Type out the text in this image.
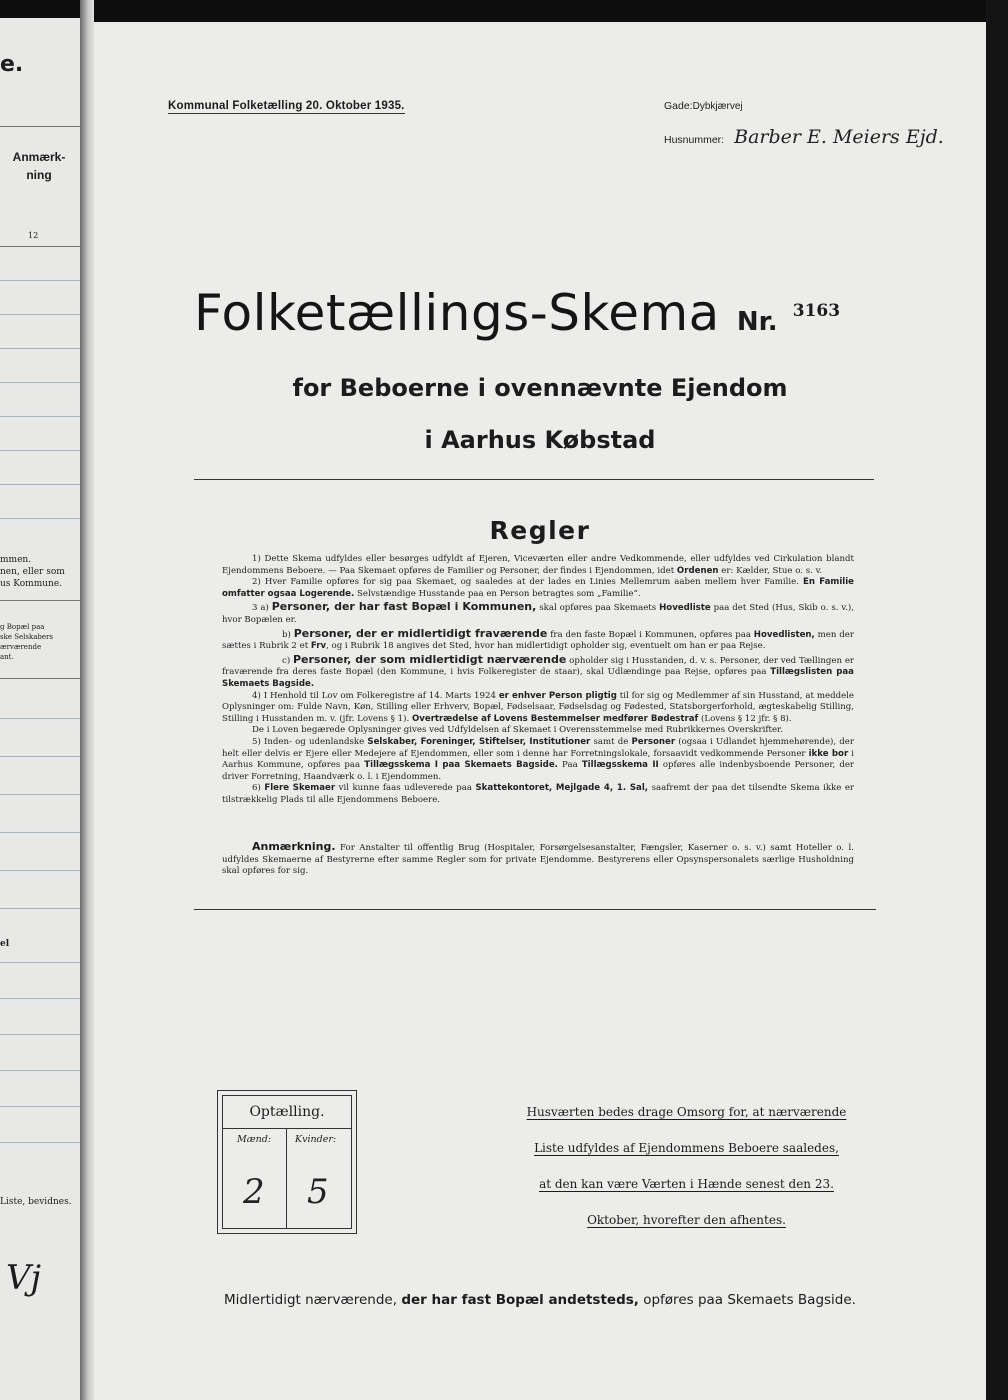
e.
Anmærk-
ning
12
mmen.
nen, eller som
us Kommune.
g Bopæl paa
ske Selskabers
ærværende
ant.
el
Liste, bevidnes.
Vj
Kommunal Folketælling 20. Oktober 1935.	Gade: Dybkjærvej
Husnummer: Barber E. Meiers Ejd.
Folketællings-Skema Nr. 3163
for Beboerne i ovennævnte Ejendom
i Aarhus Købstad
Regler

1) Dette Skema udfyldes eller besørges udfyldt af Ejeren, Viceværten eller andre Vedkommende, eller udfyldes ved Cirkulation blandt Ejendommens Beboere. — Paa Skemaet opføres de Familier og Personer, der findes i Ejendommen, idet Ordenen er: Kælder, Stue o. s. v.

2) Hver Familie opføres for sig paa Skemaet, og saaledes at der lades en Linies Mellemrum aaben mellem hver Familie. En Familie omfatter ogsaa Logerende. Selvstændige Husstande paa en Person betragtes som „Familie“.

3 a) Personer, der har fast Bopæl i Kommunen, skal opføres paa Skemaets Hovedliste paa det Sted (Hus, Skib o. s. v.), hvor Bopælen er.

b) Personer, der er midlertidigt fraværende fra den faste Bopæl i Kommunen, opføres paa Hovedlisten, men der sættes i Rubrik 2 et Frv, og i Rubrik 18 angives det Sted, hvor han midlertidigt opholder sig, eventuelt om han er paa Rejse.

c) Personer, der som midlertidigt nærværende opholder sig i Husstanden, d. v. s. Personer, der ved Tællingen er fraværende fra deres faste Bopæl (den Kommune, i hvis Folkeregister de staar), skal Udlændinge paa Rejse, opføres paa Tillægslisten paa Skemaets Bagside.

4) I Henhold til Lov om Folkeregistre af 14. Marts 1924 er enhver Person pligtig til for sig og Medlemmer af sin Husstand, at meddele Oplysninger om: Fulde Navn, Køn, Stilling eller Erhverv, Bopæl, Fødselsaar, Fødselsdag og Fødested, Statsborgerforhold, ægteskabelig Stilling, Stilling i Husstanden m. v. (jfr. Lovens § 1). Overtrædelse af Lovens Bestemmelser medfører Bødestraf (Lovens § 12 jfr. § 8).

De i Loven begærede Oplysninger gives ved Udfyldelsen af Skemaet i Overensstemmelse med Rubrikkernes Overskrifter.

5) Inden- og udenlandske Selskaber, Foreninger, Stiftelser, Institutioner samt de Personer (ogsaa i Udlandet hjemmehørende), der helt eller delvis er Ejere eller Medejere af Ejendommen, eller som i denne har Forretningslokale, forsaavidt vedkommende Personer ikke bor i Aarhus Kommune, opføres paa Tillægsskema I paa Skemaets Bagside. Paa Tillægsskema II opføres alle indenbysboende Personer, der driver Forretning, Haandværk o. l. i Ejendommen.

6) Flere Skemaer vil kunne faas udleverede paa Skattekontoret, Mejlgade 4, 1. Sal, saafremt der paa det tilsendte Skema ikke er tilstrækkelig Plads til alle Ejendommens Beboere.

Anmærkning. For Anstalter til offentlig Brug (Hospitaler, Forsørgelsesanstalter, Fængsler, Kaserner o. s. v.) samt Hoteller o. l. udfyldes Skemaerne af Bestyrerne efter samme Regler som for private Ejendomme. Bestyrerens eller Opsynspersonalets særlige Husholdning skal opføres for sig.

Optælling.
Mænd:	Kvinder:
2 5
Husværten bedes drage Omsorg for, at nærværende
Liste udfyldes af Ejendommens Beboere saaledes,
at den kan være Værten i Hænde senest den 23.
Oktober, hvorefter den afhentes.
Midlertidigt nærværende, der har fast Bopæl andetsteds, opføres paa Skemaets Bagside.
